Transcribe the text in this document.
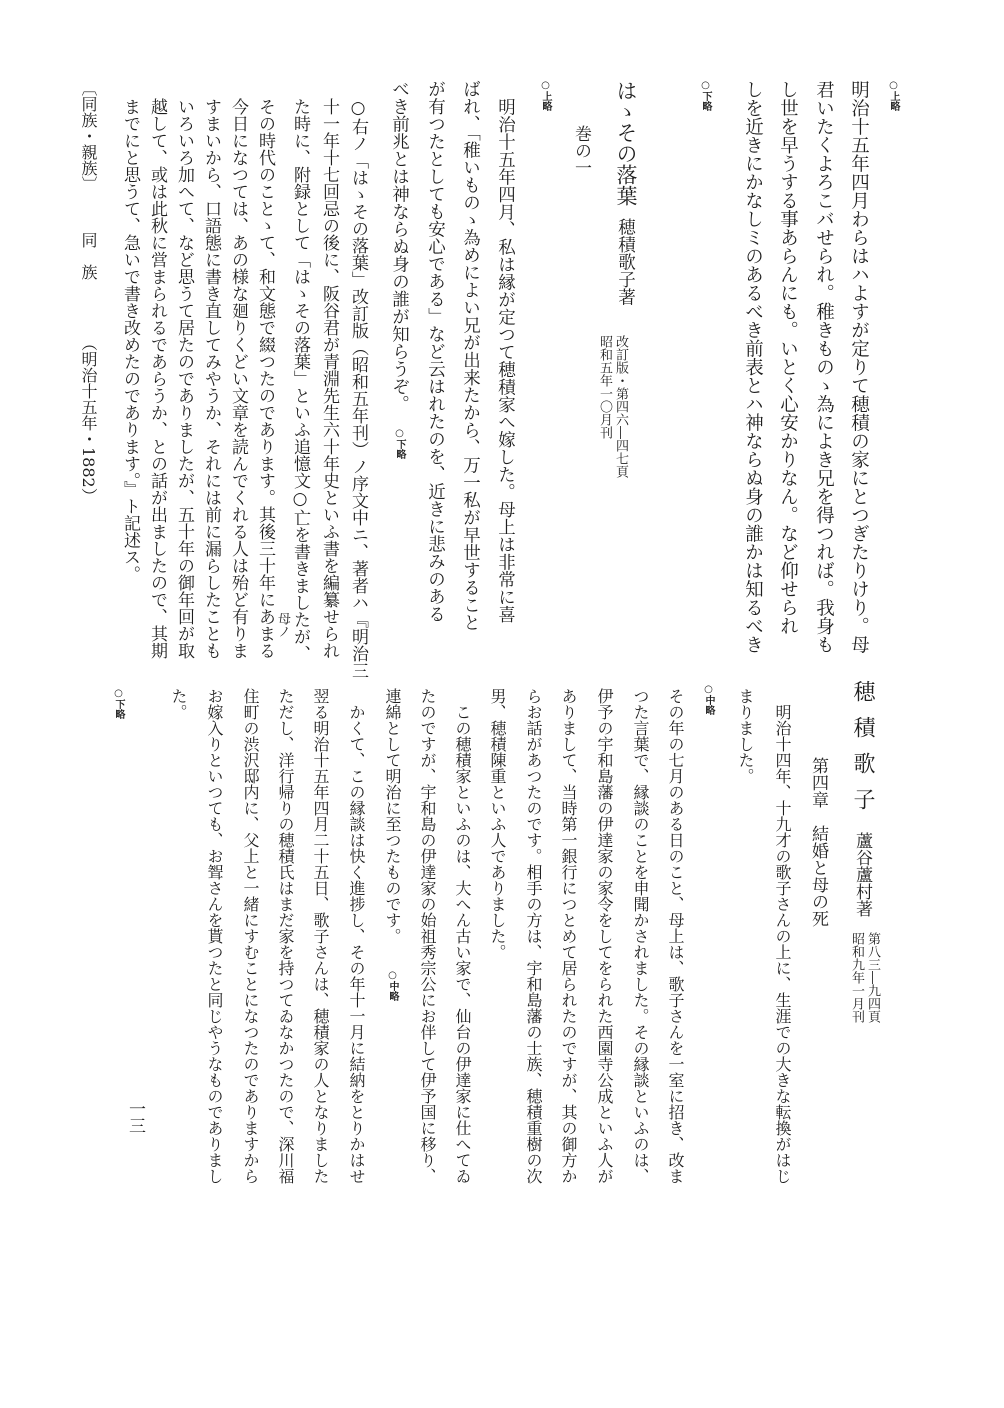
○上略
明治十五年四月わらはハよすが定りて穂積の家にとつぎたりけり。母
君いたくよろこバせられ。稚きものゝ為によき兄を得つれば。我身も
し世を早うする事あらんにも。いとく心安かりなん。など仰せられ
しを近きにかなしミのあるべき前表とハ神ならぬ身の誰かは知るべき
○下略
はゝその落葉
穂積歌子著
改訂版・第四六―四七頁
昭和五年一〇月刊
巻の一
○上略
明治十五年四月、私は縁が定つて穂積家へ嫁した。母上は非常に喜
ばれ、「稚いものゝ為めによい兄が出来たから、万一私が早世すること
が有つたとしても安心である」など云はれたのを、近きに悲みのある
べき前兆とは神ならぬ身の誰が知らうぞ。
○下略
○右ノ「はゝその落葉」改訂版（昭和五年刊）ノ序文中ニ、著者ハ『明治三
十一年十七回忌の後に、阪谷君が青淵先生六十年史といふ書を編纂せられ
た時に、附録として「はゝその落葉」といふ追憶文○亡を書きましたが、
母ノ
その時代のことゝて、和文態で綴つたのであります。其後三十年にあまる
今日になつては、あの様な廻りくどい文章を読んでくれる人は殆ど有りま
すまいから、口語態に書き直してみやうか、それには前に漏らしたことも
いろいろ加へて、など思うて居たのでありましたが、五十年の御年回が取
越して、或は此秋に営まられるであらうか、との話が出ましたので、其期
までにと思うて、急いで書き改めたのであります。』ト記述ス。
〔同族・親族〕
同　族
（明治十五年・1882）
穂積歌子
蘆谷蘆村著
第八三―九四頁
昭和九年一月刊
第四章　結婚と母の死
明治十四年、十九才の歌子さんの上に、生涯での大きな転換がはじ
まりました。
○中略
その年の七月のある日のこと、母上は、歌子さんを一室に招き、改ま
つた言葉で、縁談のことを申聞かされました。その縁談といふのは、
伊予の宇和島藩の伊達家の家令をしてをられた西園寺公成といふ人が
ありまして、当時第一銀行につとめて居られたのですが、其の御方か
らお話があつたのです。相手の方は、宇和島藩の士族、穂積重樹の次
男、穂積陳重といふ人でありました。
この穂積家といふのは、大へん古い家で、仙台の伊達家に仕へてゐ
たのですが、宇和島の伊達家の始祖秀宗公にお伴して伊予国に移り、
連綿として明治に至つたものです。
○中略
かくて、この縁談は快く進捗し、その年十一月に結納をとりかはせ
翌る明治十五年四月二十五日、歌子さんは、穂積家の人となりました
ただし、洋行帰りの穂積氏はまだ家を持つてゐなかつたので、深川福
住町の渋沢邸内に、父上と一緒にすむことになつたのでありますから
お嫁入りといつても、お聟さんを貰つたと同じやうなものでありまし
た。
○下略
一三
